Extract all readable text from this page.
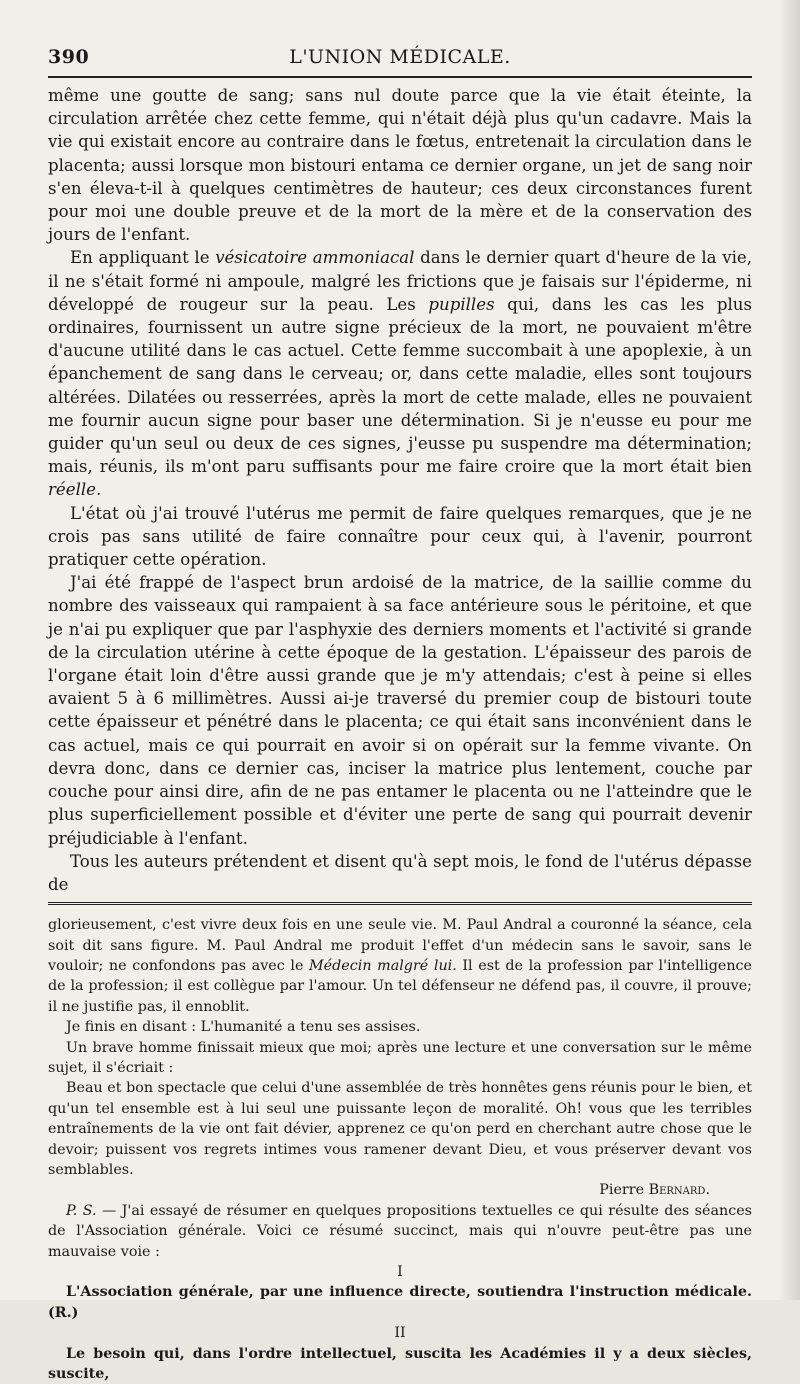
390	L'UNION MÉDICALE.

même une goutte de sang; sans nul doute parce que la vie était éteinte, la circulation arrêtée chez cette femme, qui n'était déjà plus qu'un cadavre. Mais la vie qui existait encore au contraire dans le fœtus, entretenait la circulation dans le placenta; aussi lorsque mon bistouri entama ce dernier organe, un jet de sang noir s'en éleva-t-il à quelques centimètres de hauteur; ces deux circonstances furent pour moi une double preuve et de la mort de la mère et de la conservation des jours de l'enfant.

En appliquant le vésicatoire ammoniacal dans le dernier quart d'heure de la vie, il ne s'était formé ni ampoule, malgré les frictions que je faisais sur l'épiderme, ni développé de rougeur sur la peau. Les pupilles qui, dans les cas les plus ordinaires, fournissent un autre signe précieux de la mort, ne pouvaient m'être d'aucune utilité dans le cas actuel. Cette femme succombait à une apoplexie, à un épanchement de sang dans le cerveau; or, dans cette maladie, elles sont toujours altérées. Dilatées ou resserrées, après la mort de cette malade, elles ne pouvaient me fournir aucun signe pour baser une détermination. Si je n'eusse eu pour me guider qu'un seul ou deux de ces signes, j'eusse pu suspendre ma détermination; mais, réunis, ils m'ont paru suffisants pour me faire croire que la mort était bien réelle.

L'état où j'ai trouvé l'utérus me permit de faire quelques remarques, que je ne crois pas sans utilité de faire connaître pour ceux qui, à l'avenir, pourront pratiquer cette opération.

J'ai été frappé de l'aspect brun ardoisé de la matrice, de la saillie comme du nombre des vaisseaux qui rampaient à sa face antérieure sous le péritoine, et que je n'ai pu expliquer que par l'asphyxie des derniers moments et l'activité si grande de la circulation utérine à cette époque de la gestation. L'épaisseur des parois de l'organe était loin d'être aussi grande que je m'y attendais; c'est à peine si elles avaient 5 à 6 millimètres. Aussi ai-je traversé du premier coup de bistouri toute cette épaisseur et pénétré dans le placenta; ce qui était sans inconvénient dans le cas actuel, mais ce qui pourrait en avoir si on opérait sur la femme vivante. On devra donc, dans ce dernier cas, inciser la matrice plus lentement, couche par couche pour ainsi dire, afin de ne pas entamer le placenta ou ne l'atteindre que le plus superficiellement possible et d'éviter une perte de sang qui pourrait devenir préjudiciable à l'enfant.

Tous les auteurs prétendent et disent qu'à sept mois, le fond de l'utérus dépasse de

glorieusement, c'est vivre deux fois en une seule vie. M. Paul Andral a couronné la séance, cela soit dit sans figure. M. Paul Andral me produit l'effet d'un médecin sans le savoir, sans le vouloir; ne confondons pas avec le Médecin malgré lui. Il est de la profession par l'intelligence de la profession; il est collègue par l'amour. Un tel défenseur ne défend pas, il couvre, il prouve; il ne justifie pas, il ennoblit.

Je finis en disant : L'humanité a tenu ses assises.

Un brave homme finissait mieux que moi; après une lecture et une conversation sur le même sujet, il s'écriait :

Beau et bon spectacle que celui d'une assemblée de très honnêtes gens réunis pour le bien, et qu'un tel ensemble est à lui seul une puissante leçon de moralité. Oh! vous que les terribles entraînements de la vie ont fait dévier, apprenez ce qu'on perd en cherchant autre chose que le devoir; puissent vos regrets intimes vous ramener devant Dieu, et vous préserver devant vos semblables.

Pierre Bernard.

P. S. — J'ai essayé de résumer en quelques propositions textuelles ce qui résulte des séances de l'Association générale. Voici ce résumé succinct, mais qui n'ouvre peut-être pas une mauvaise voie :

I

L'Association générale, par une influence directe, soutiendra l'instruction médicale. (R.)

II

Le besoin qui, dans l'ordre intellectuel, suscita les Académies il y a deux siècles, suscite,
